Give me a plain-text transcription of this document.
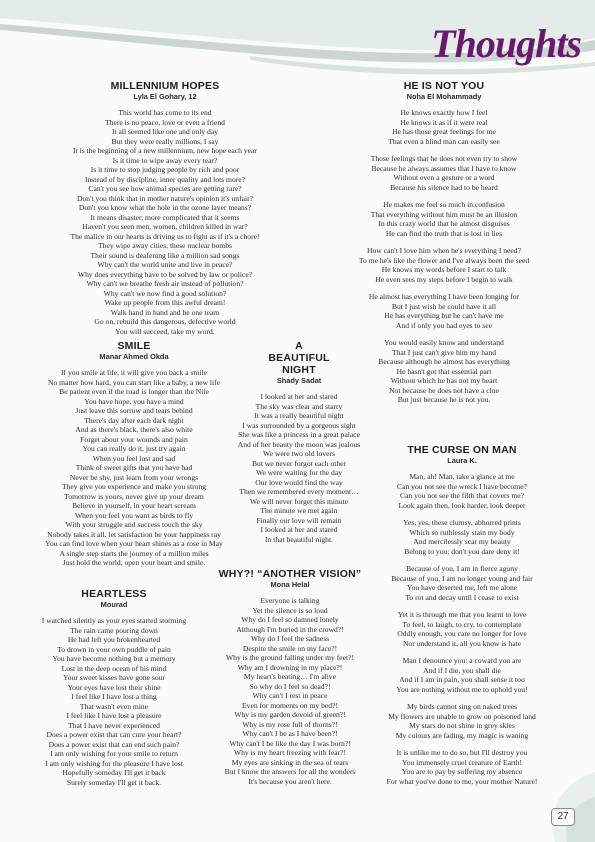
Thoughts
MILLENNIUM HOPES
Lyla El Gohary, 12
This world has come to its end
There is no peace, love or even a friend
It all seemed like one and only day
But they were really millions, I say
It is the beginning of a new millennium, new hope each year
Is it time to wipe away every tear?
Is it time to stop judging people by rich and poor
Instead of by discipline, inner quality and lots more?
Can't you see how animal species are getting rare?
Don't you think that in mother nature's opinion it's unfair?
Don't you know what the hole in the ozone layer means?
It means disaster, more complicated that it seems
Haven't you seen men, women, children killed in war?
The malice in our hearts is driving us to fight as if it's a chore!
They wipe away cities, these nuclear bombs
Their sound is deafening like a million sad songs
Why can't the world unite and live in peace?
Why does everything have to be solved by law or police?
Why can't we breathe fresh air instead of pollution?
Why can't we now find a good solution?
Wake up people from this awful dream!
Walk hand in hand and be one team
Go on, rebuild this dangerous, defective world
You will succeed, take my word.
SMILE
Manar Ahmed Okda
If you smile at life, it will give you back a smile
No matter how hard, you can start like a baby, a new life
Be patient even if the road is longer than the Nile
You have hope, you have a mind
Just leave this sorrow and tears behind
There's day after each dark night
And as there's black, there's also white
Forget about your wounds and pain
You can really do it, just try again
When you feel lost and sad
Think of sweet gifts that you have had
Never be shy, just learn from your wrongs
They give you experience and make you strong
Tomorrow is yours, never give up your dream
Believe in yourself, in your heart scream
When you feel you want as birds to fly
With your struggle and success touch the sky
Nobody takes it all, let satisfaction be your happiness ray
You can find love when your heart shines as a rose in May
A single step starts the journey of a million miles
Just hold the world, open your heart and smile.
A
BEAUTIFUL
NIGHT
Shady Sadat
I looked at her and stared
The sky was clear and starry
It was a really beautiful night
I was surrounded by a gorgeous sight
She was like a princess in a great palace
And of her beauty the moon was jealous
We were two old lovers
But we never forgot each other
We were waiting for the day
Our love would find the way
Then we remembered every moment…
We will never forget this minute
The minute we met again
Finally our love will remain
I looked at her and stared
In that beautiful night.
HEARTLESS
Mourad
I watched silently as your eyes started storming
The rain came pouring down
He had left you brokenhearted
To drown in your own puddle of pain
You have become nothing but a memory
Lost in the deep ocean of his mind
Your sweet kisses have gone sour
Your eyes have lost their shine
I feel like I have lost a thing
That wasn't even mine
I feel like I have lost a pleasure
That I have never experienced
Does a power exist that can cure your heart?
Does a power exist that can end such pain?
I am only wishing for your smile to return
I am only wishing for the pleasure I have lost
Hopefully someday I'll get it back
Surely someday I'll get it back.
WHY?! “ANOTHER VISION”
Mona Helal
Everyone is talking
Yet the silence is so loud
Why do I feel so damned lonely
Although I'm buried in the crowd?!
Why do I feel the sadness
Despite the smile on my face?!
Why is the ground falling under my feet?!
Why am I drowning in my place?!
My heart's beating… I'm alive
So why do I feel so dead?!
Why can't I rest in peace
Even for moments on my bed?!
Why is my garden devoid of green?!
Why is my rose full of thorns?!
Why can't I be as I have been?!
Why can't I be like the day I was born?!
Why is my heart freezing with fear?!
My eyes are sinking in the sea of tears
But I know the answers for all the wonders
It's because you aren't here.
HE IS NOT YOU
Noha El Mohammady
He knows exactly how I feel
He knows it as if it were real
He has those great feelings for me
That even a blind man can easily see
Those feelings that he does not even try to show
Because he always assumes that I have to know
Without even a gesture or a word
Because his silence had to be heard
He makes me feel so much in confusion
That everything without him must be an illusion
In this crazy world that he almost disguises
He can find the truth that is lost in lies
How can't I love him when he's everything I need?
To me he's like the flower and I've always been the seed
He knows my words before I start to talk
He even sees my steps before I begin to walk
He almost has everything I have been longing for
But I just wish he could have it all
He has everything but he can't have me
And if only you had eyes to see
You would easily know and understand
That I just can't give him my hand
Because although he almost has everything
He hasn't got that essential part
Without which he has not my heart
Not because he does not have a clue
But just because he is not you.
THE CURSE ON MAN
Laura K.
Man, ah! Man, take a glance at me
Can you not see the wreck I have become?
Can you not see the filth that covers me?
Look again then, look harder, look deeper
Yes, yes, these clumsy, abhorred prints
Which so ruthlessly stain my body
And mercilessly scar my beauty
Belong to you; don't you dare deny it!
Because of you, I am in fierce agony
Because of you, I am no longer young and fair
You have deserted me, left me alone
To rot and decay until I cease to exist
Yet it is through me that you learnt to love
To feel, to laugh, to cry, to contemplate
Oddly enough, you care no longer for love
Nor understand it, all you know is hate
Man I denounce you: a coward you are
And if I die, you shall die
And if I am in pain, you shall sense it too
You are nothing without me to uphold you!
My birds cannot sing on naked trees
My flowers are unable to grow on poisoned land
My stars do not shine in grey skies
My colours are fading, my magic is waning
It is unlike me to do so, but I'll destroy you
You immensely cruel creature of Earth!
You are to pay by suffering my absence
For what you've done to me, your mother Nature!
27
